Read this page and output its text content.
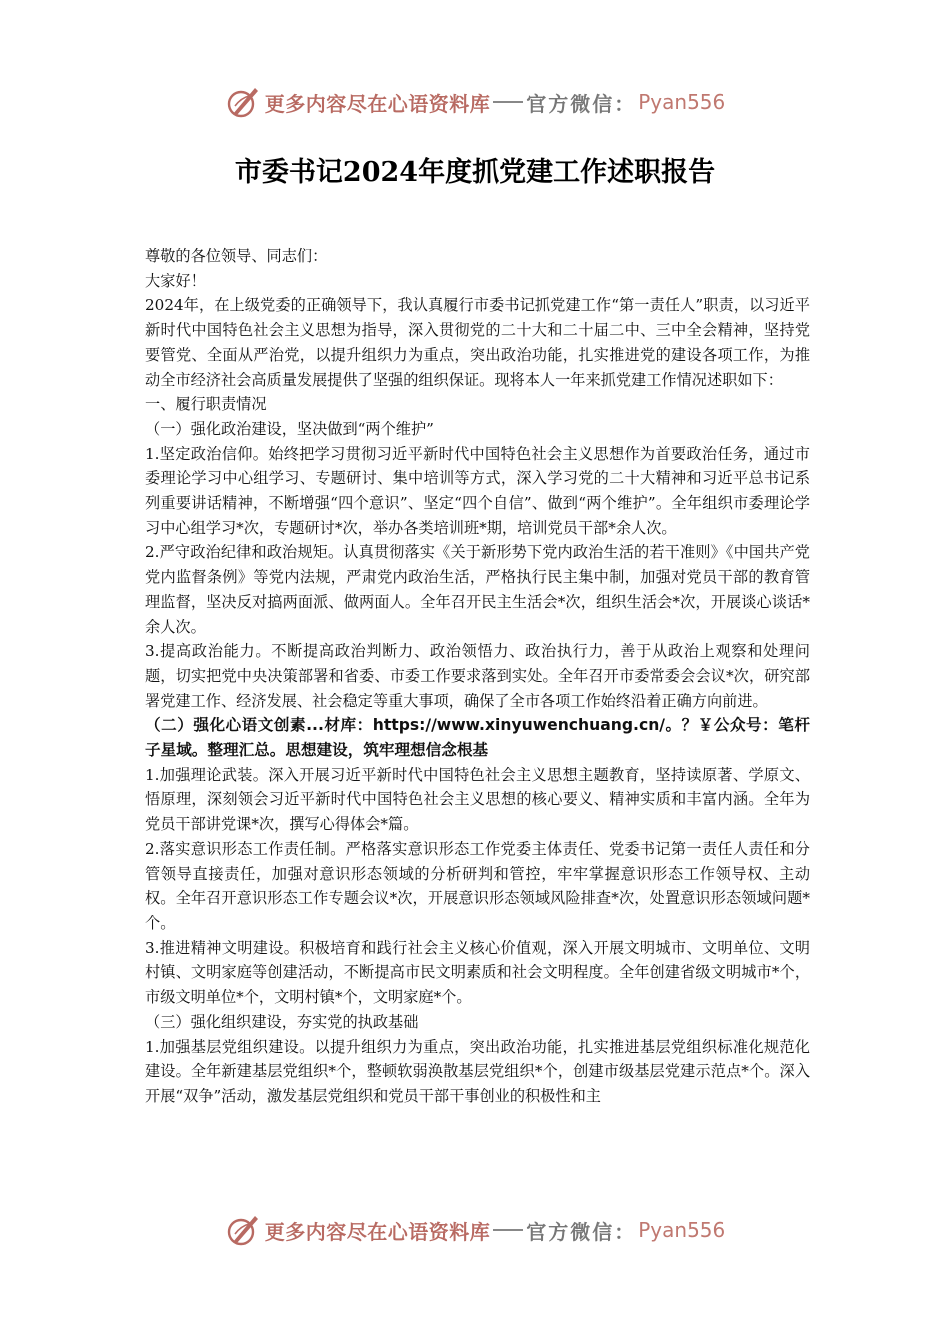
更多内容尽在心语资料库 官方微信： Pyan556
市委书记2024年度抓党建工作述职报告

尊敬的各位领导、同志们：

大家好！

2024年，在上级党委的正确领导下，我认真履行市委书记抓党建工作“第一责任人”职责，以习近平新时代中国特色社会主义思想为指导，深入贯彻党的二十大和二十届二中、三中全会精神，坚持党要管党、全面从严治党，以提升组织力为重点，突出政治功能，扎实推进党的建设各项工作，为推动全市经济社会高质量发展提供了坚强的组织保证。现将本人一年来抓党建工作情况述职如下：

一、履行职责情况

（一）强化政治建设，坚决做到“两个维护”

1.坚定政治信仰。始终把学习贯彻习近平新时代中国特色社会主义思想作为首要政治任务，通过市委理论学习中心组学习、专题研讨、集中培训等方式，深入学习党的二十大精神和习近平总书记系列重要讲话精神，不断增强“四个意识”、坚定“四个自信”、做到“两个维护”。全年组织市委理论学习中心组学习*次，专题研讨*次，举办各类培训班*期，培训党员干部*余人次。

2.严守政治纪律和政治规矩。认真贯彻落实《关于新形势下党内政治生活的若干准则》《中国共产党党内监督条例》等党内法规，严肃党内政治生活，严格执行民主集中制，加强对党员干部的教育管理监督，坚决反对搞两面派、做两面人。全年召开民主生活会*次，组织生活会*次，开展谈心谈话*余人次。

3.提高政治能力。不断提高政治判断力、政治领悟力、政治执行力，善于从政治上观察和处理问题，切实把党中央决策部署和省委、市委工作要求落到实处。全年召开市委常委会会议*次，研究部署党建工作、经济发展、社会稳定等重大事项，确保了全市各项工作始终沿着正确方向前进。

（二）强化心语文创素...材库：https://www.xinyuwenchuang.cn/。？￥公众号：笔杆子星域。整理汇总。思想建设，筑牢理想信念根基

1.加强理论武装。深入开展习近平新时代中国特色社会主义思想主题教育，坚持读原著、学原文、悟原理，深刻领会习近平新时代中国特色社会主义思想的核心要义、精神实质和丰富内涵。全年为党员干部讲党课*次，撰写心得体会*篇。

2.落实意识形态工作责任制。严格落实意识形态工作党委主体责任、党委书记第一责任人责任和分管领导直接责任，加强对意识形态领域的分析研判和管控，牢牢掌握意识形态工作领导权、主动权。全年召开意识形态工作专题会议*次，开展意识形态领域风险排查*次，处置意识形态领域问题*个。

3.推进精神文明建设。积极培育和践行社会主义核心价值观，深入开展文明城市、文明单位、文明村镇、文明家庭等创建活动，不断提高市民文明素质和社会文明程度。全年创建省级文明城市*个，市级文明单位*个，文明村镇*个，文明家庭*个。

（三）强化组织建设，夯实党的执政基础

1.加强基层党组织建设。以提升组织力为重点，突出政治功能，扎实推进基层党组织标准化规范化建设。全年新建基层党组织*个，整顿软弱涣散基层党组织*个，创建市级基层党建示范点*个。深入开展“双争”活动，激发基层党组织和党员干部干事创业的积极性和主

更多内容尽在心语资料库 官方微信： Pyan556
